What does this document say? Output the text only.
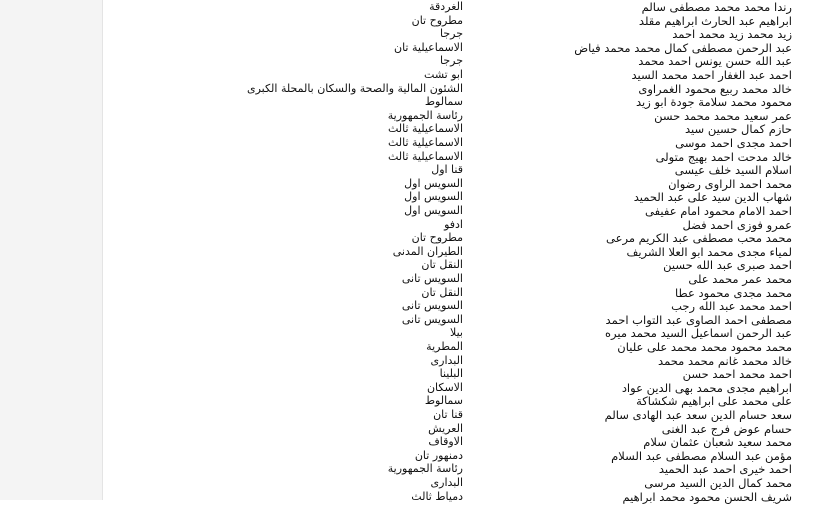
رندا محمد محمد مصطفى سالم
الغردقة
ابراهيم عبد الحارث ابراهيم مقلد
مطروح تان
زيد محمد زيد محمد احمد
جرجا
عبد الرحمن مصطفى كمال محمد محمد فياض
الاسماعيلية تان
عبد الله حسن يونس احمد محمد
جرجا
احمد عبد الغفار احمد محمد السيد
ابو تشت
خالد محمد ربيع محمود الغمراوى
الشئون المالية والصحة والسكان بالمحلة الكبرى
محمود محمد سلامة جودة ابو زيد
سمالوط
عمر سعيد محمد محمد حسن
رئاسة الجمهورية
حازم كمال حسين سيد
الاسماعيلية ثالث
احمد مجدى احمد موسى
الاسماعيلية ثالث
خالد مدحت احمد بهيج متولى
الاسماعيلية ثالث
اسلام السيد خلف عيسى
قنا اول
محمد احمد الراوى رضوان
السويس اول
شهاب الدين سيد على عبد الحميد
السويس اول
احمد الامام محمود امام عفيفى
السويس اول
عمرو فوزى احمد فضل
ادفو
محمد محب مصطفى عبد الكريم مرعى
مطروح تان
لمياء مجدى محمد ابو العلا الشريف
الطيران المدنى
احمد صبرى عبد الله حسين
النقل تان
محمد عمر محمد على
السويس تانى
محمد مجدى محمود عطا
النقل تان
احمد محمد عبد الله رجب
السويس تانى
مصطفى احمد الصاوى عبد التواب احمد
السويس تانى
عبد الرحمن اسماعيل السيد محمد ميره
بيلا
محمد محمود محمد محمد على عليان
المطرية
خالد محمد غانم محمد محمد
البدارى
احمد محمد احمد حسن
البلينا
ابراهيم مجدى محمد بهى الدين عواد
الاسكان
على محمد على ابراهيم شكشاكة
سمالوط
سعد حسام الدين سعد عبد الهادى سالم
قنا تان
حسام عوض فرج عبد الغنى
العريش
محمد سعيد شعبان عثمان سلام
الاوقاف
مؤمن عبد السلام مصطفى عبد السلام
دمنهور تان
احمد خيرى احمد عبد الحميد
رئاسة الجمهورية
محمد كمال الدين السيد مرسى
البدارى
شريف الحسن محمود محمد ابراهيم
دمياط ثالث
